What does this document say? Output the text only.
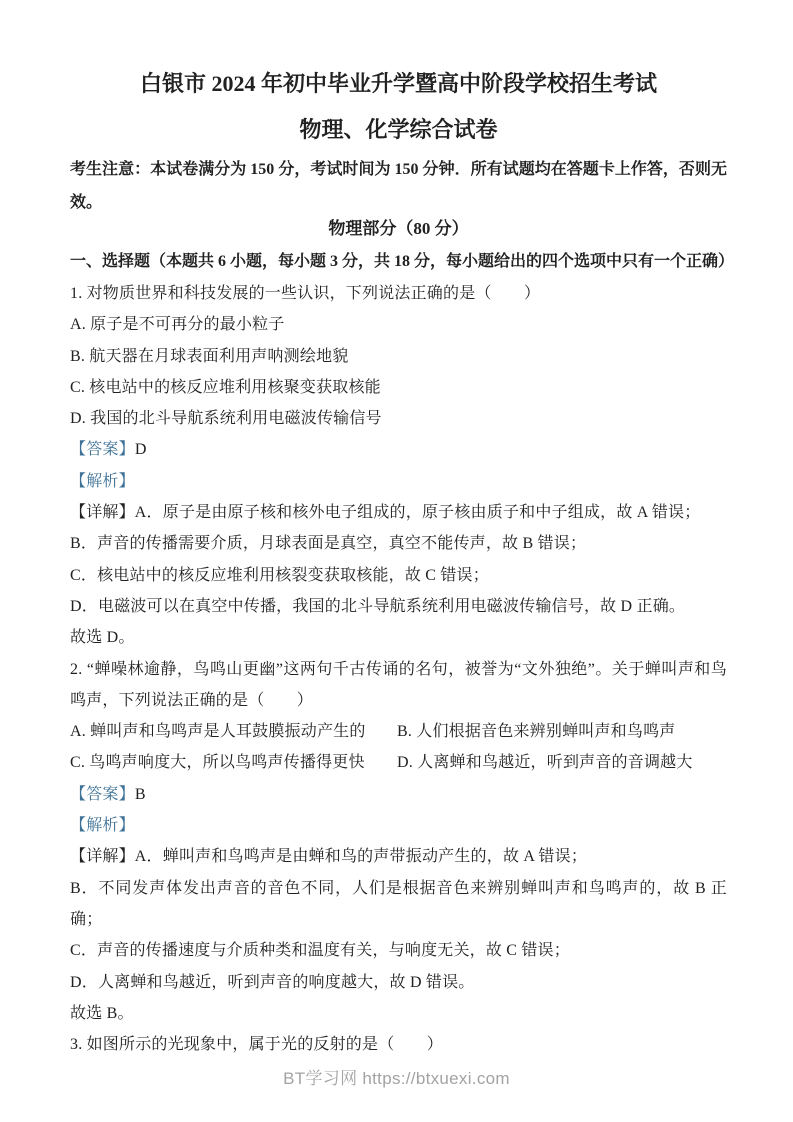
白银市 2024 年初中毕业升学暨高中阶段学校招生考试
物理、化学综合试卷

考生注意：本试卷满分为 150 分，考试时间为 150 分钟．所有试题均在答题卡上作答，否则无效。

物理部分（80 分）

一、选择题（本题共 6 小题，每小题 3 分，共 18 分，每小题给出的四个选项中只有一个正确）

1. 对物质世界和科技发展的一些认识，下列说法正确的是（　　）

A. 原子是不可再分的最小粒子

B. 航天器在月球表面利用声呐测绘地貌

C. 核电站中的核反应堆利用核聚变获取核能

D. 我国的北斗导航系统利用电磁波传输信号

【答案】D

【解析】

【详解】A．原子是由原子核和核外电子组成的，原子核由质子和中子组成，故 A 错误；

B．声音的传播需要介质，月球表面是真空，真空不能传声，故 B 错误；

C．核电站中的核反应堆利用核裂变获取核能，故 C 错误；

D．电磁波可以在真空中传播，我国的北斗导航系统利用电磁波传输信号，故 D 正确。

故选 D。

2. “蝉噪林逾静，鸟鸣山更幽”这两句千古传诵的名句，被誉为“文外独绝”。关于蝉叫声和鸟鸣声，下列说法正确的是（　　）

A. 蝉叫声和鸟鸣声是人耳鼓膜振动产生的	B. 人们根据音色来辨别蝉叫声和鸟鸣声
C. 鸟鸣声响度大，所以鸟鸣声传播得更快	D. 人离蝉和鸟越近，听到声音的音调越大

【答案】B

【解析】

【详解】A．蝉叫声和鸟鸣声是由蝉和鸟的声带振动产生的，故 A 错误；

B．不同发声体发出声音的音色不同，人们是根据音色来辨别蝉叫声和鸟鸣声的，故 B 正确；

C．声音的传播速度与介质种类和温度有关，与响度无关，故 C 错误；

D．人离蝉和鸟越近，听到声音的响度越大，故 D 错误。

故选 B。

3. 如图所示的光现象中，属于光的反射的是（　　）

BT学习网 https://btxuexi.com
